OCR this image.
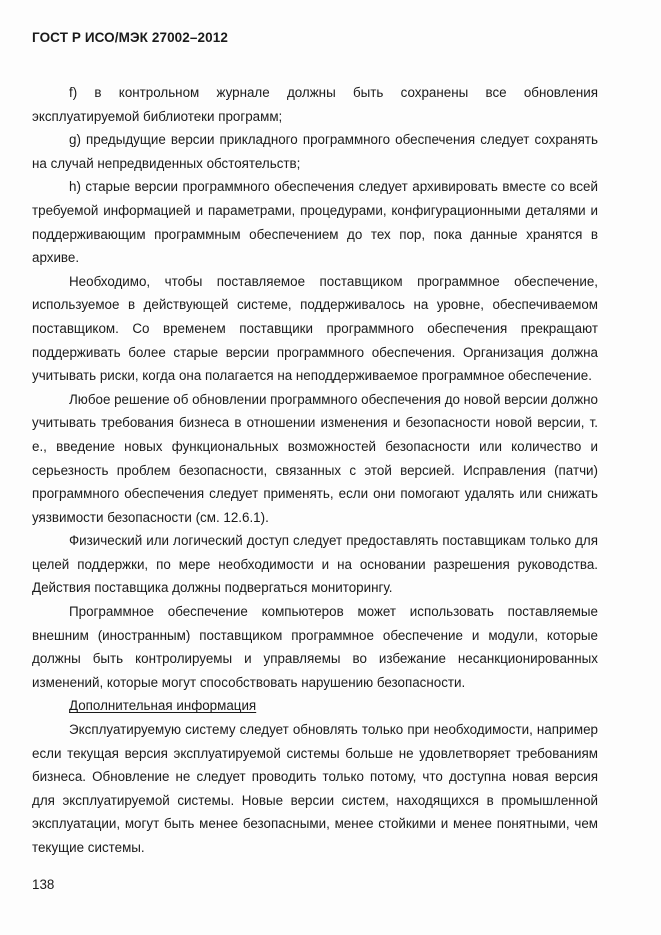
ГОСТ Р ИСО/МЭК 27002–2012

f) в контрольном журнале должны быть сохранены все обновления эксплуатируемой библиотеки программ;

g) предыдущие версии прикладного программного обеспечения следует сохранять на случай непредвиденных обстоятельств;

h) старые версии программного обеспечения следует архивировать вместе со всей требуемой информацией и параметрами, процедурами, конфигурационными деталями и поддерживающим программным обеспечением до тех пор, пока данные хранятся в архиве.

Необходимо, чтобы поставляемое поставщиком программное обеспечение, используемое в действующей системе, поддерживалось на уровне, обеспечиваемом поставщиком. Со временем поставщики программного обеспечения прекращают поддерживать более старые версии программного обеспечения. Организация должна учитывать риски, когда она полагается на неподдерживаемое программное обеспечение.

Любое решение об обновлении программного обеспечения до новой версии должно учитывать требования бизнеса в отношении изменения и безопасности новой версии, т. е., введение новых функциональных возможностей безопасности или количество и серьезность проблем безопасности, связанных с этой версией. Исправления (патчи) программного обеспечения следует применять, если они помогают удалять или снижать уязвимости безопасности (см. 12.6.1).

Физический или логический доступ следует предоставлять поставщикам только для целей поддержки, по мере необходимости и на основании разрешения руководства. Действия поставщика должны подвергаться мониторингу.

Программное обеспечение компьютеров может использовать поставляемые внешним (иностранным) поставщиком программное обеспечение и модули, которые должны быть контролируемы и управляемы во избежание несанкционированных изменений, которые могут способствовать нарушению безопасности.

Дополнительная информация

Эксплуатируемую систему следует обновлять только при необходимости, например если текущая версия эксплуатируемой системы больше не удовлетворяет требованиям бизнеса. Обновление не следует проводить только потому, что доступна новая версия для эксплуатируемой системы. Новые версии систем, находящихся в промышленной эксплуатации, могут быть менее безопасными, менее стойкими и менее понятными, чем текущие системы.

138
